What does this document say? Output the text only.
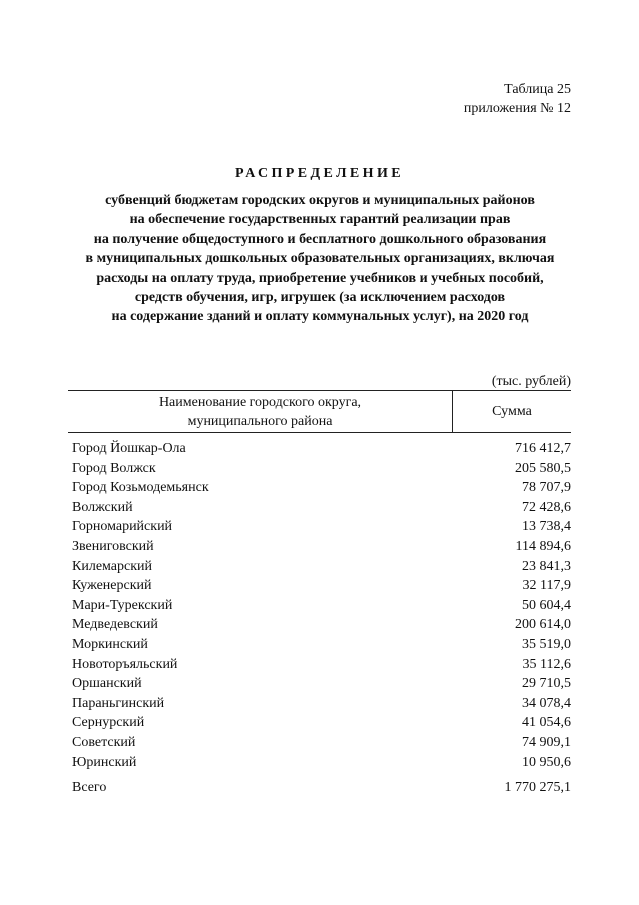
Таблица 25
приложения № 12
РАСПРЕДЕЛЕНИЕ
субвенций бюджетам городских округов и муниципальных районов
на обеспечение государственных гарантий реализации прав
на получение общедоступного и бесплатного дошкольного образования
в муниципальных дошкольных образовательных организациях, включая
расходы на оплату труда, приобретение учебников и учебных пособий,
средств обучения, игр, игрушек (за исключением расходов
на содержание зданий и оплату коммунальных услуг), на 2020 год
(тыс. рублей)
Наименование городского округа,
муниципального района
Сумма
Город Йошкар-Ола	716 412,7
Город Волжск	205 580,5
Город Козьмодемьянск	78 707,9
Волжский	72 428,6
Горномарийский	13 738,4
Звениговский	114 894,6
Килемарский	23 841,3
Куженерский	32 117,9
Мари-Турекский	50 604,4
Медведевский	200 614,0
Моркинский	35 519,0
Новоторъяльский	35 112,6
Оршанский	29 710,5
Параньгинский	34 078,4
Сернурский	41 054,6
Советский	74 909,1
Юринский	10 950,6
Всего	1 770 275,1
